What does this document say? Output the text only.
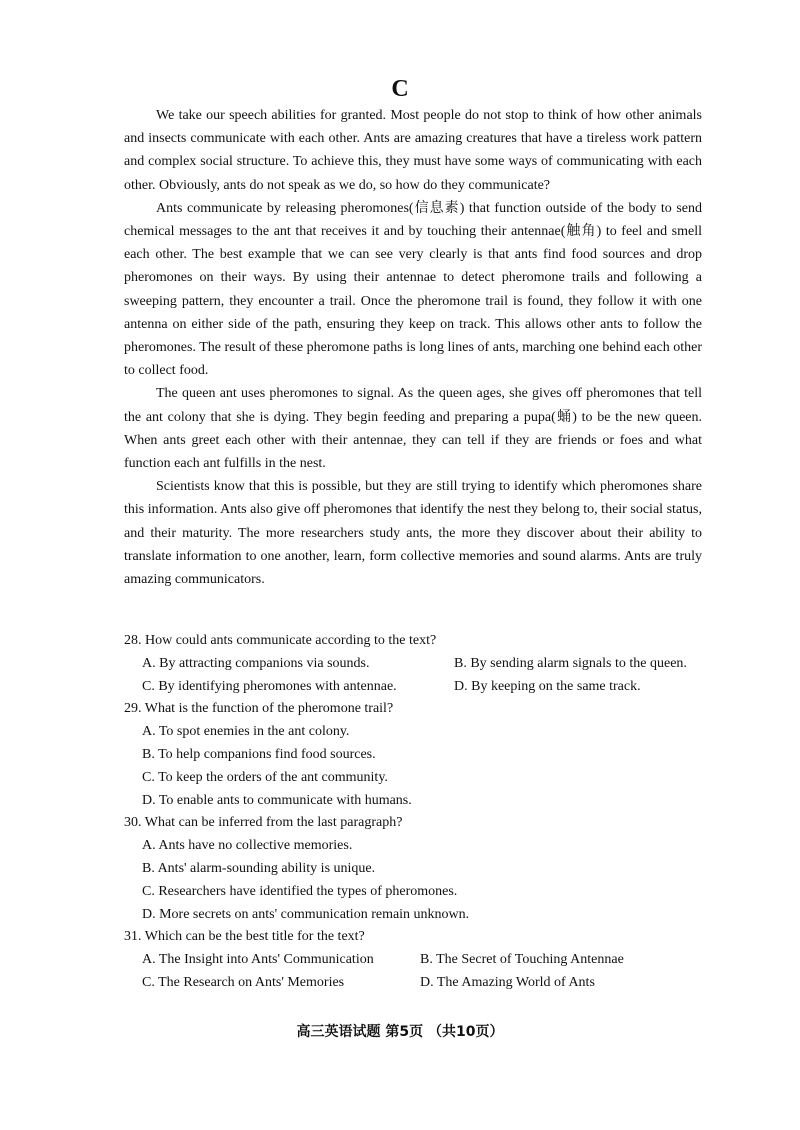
C

We take our speech abilities for granted. Most people do not stop to think of how other animals and insects communicate with each other. Ants are amazing creatures that have a tireless work pattern and complex social structure. To achieve this, they must have some ways of communicating with each other. Obviously, ants do not speak as we do, so how do they communicate?

Ants communicate by releasing pheromones(信息素) that function outside of the body to send chemical messages to the ant that receives it and by touching their antennae(触角) to feel and smell each other. The best example that we can see very clearly is that ants find food sources and drop pheromones on their ways. By using their antennae to detect pheromone trails and following a sweeping pattern, they encounter a trail. Once the pheromone trail is found, they follow it with one antenna on either side of the path, ensuring they keep on track. This allows other ants to follow the pheromones. The result of these pheromone paths is long lines of ants, marching one behind each other to collect food.

The queen ant uses pheromones to signal. As the queen ages, she gives off pheromones that tell the ant colony that she is dying. They begin feeding and preparing a pupa(蛹) to be the new queen. When ants greet each other with their antennae, they can tell if they are friends or foes and what function each ant fulfills in the nest.

Scientists know that this is possible, but they are still trying to identify which pheromones share this information. Ants also give off pheromones that identify the nest they belong to, their social status, and their maturity. The more researchers study ants, the more they discover about their ability to translate information to one another, learn, form collective memories and sound alarms. Ants are truly amazing communicators.

28. How could ants communicate according to the text?
A. By attracting companions via sounds.	B. By sending alarm signals to the queen.
C. By identifying pheromones with antennae.	D. By keeping on the same track.
29. What is the function of the pheromone trail?
A. To spot enemies in the ant colony.
B. To help companions find food sources.
C. To keep the orders of the ant community.
D. To enable ants to communicate with humans.
30. What can be inferred from the last paragraph?
A. Ants have no collective memories.
B. Ants' alarm-sounding ability is unique.
C. Researchers have identified the types of pheromones.
D. More secrets on ants' communication remain unknown.
31. Which can be the best title for the text?
A. The Insight into Ants' Communication	B. The Secret of Touching Antennae
C. The Research on Ants' Memories	D. The Amazing World of Ants
高三英语试题 第5页 （共10页）
